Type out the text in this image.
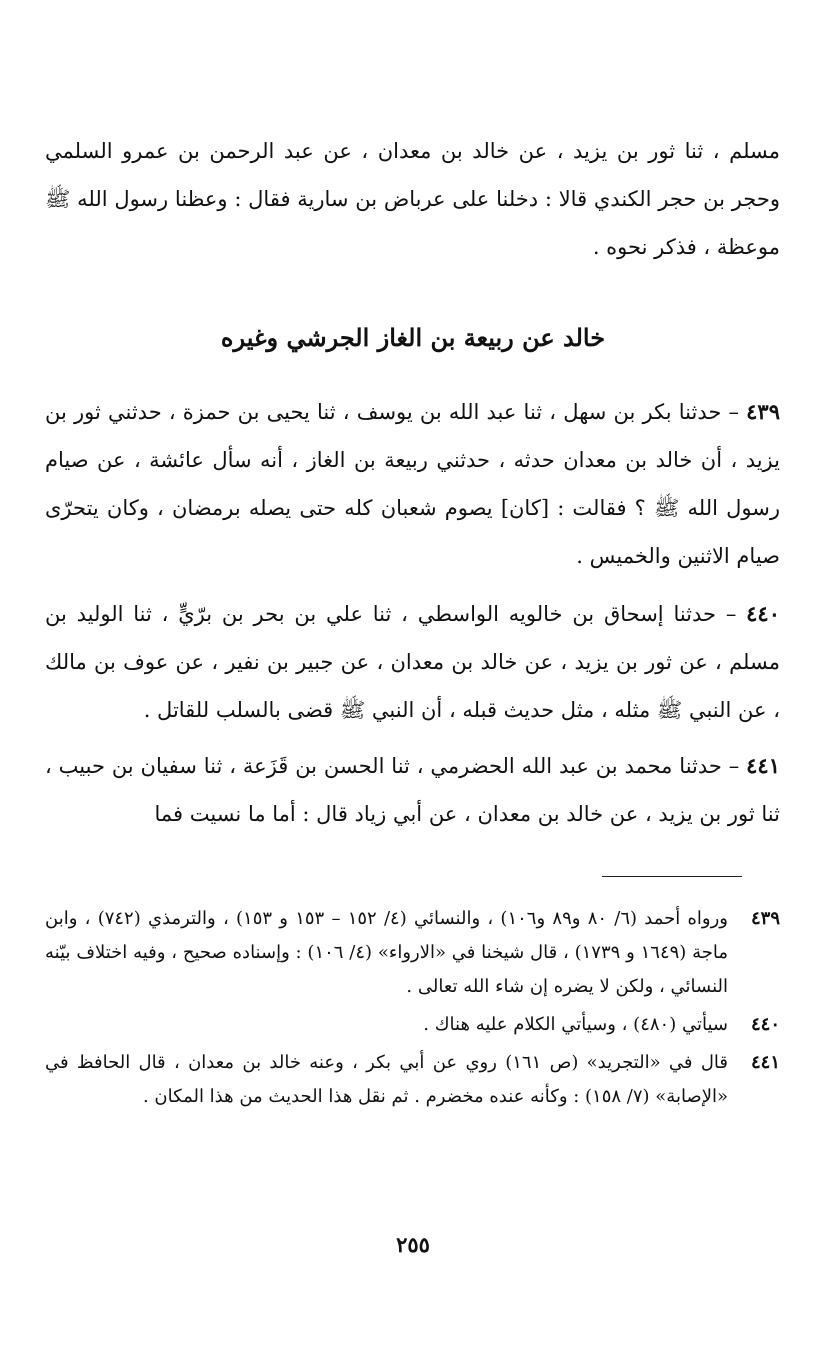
مسلم ، ثنا ثور بن يزيد ، عن خالد بن معدان ، عن عبد الرحمن بن عمرو السلمي وحجر بن حجر الكندي قالا : دخلنا على عرباض بن سارية فقال : وعظنا رسول الله ﷺ موعظة ، فذكر نحوه .

خالد عن ربيعة بن الغاز الجرشي وغيره

٤٣٩ – حدثنا بكر بن سهل ، ثنا عبد الله بن يوسف ، ثنا يحيى بن حمزة ، حدثني ثور بن يزيد ، أن خالد بن معدان حدثه ، حدثني ربيعة بن الغاز ، أنه سأل عائشة ، عن صيام رسول الله ﷺ ؟ فقالت : [كان] يصوم شعبان كله حتى يصله برمضان ، وكان يتحرّى صيام الاثنين والخميس .

٤٤٠ – حدثنا إسحاق بن خالويه الواسطي ، ثنا علي بن بحر بن برّيٍّ ، ثنا الوليد بن مسلم ، عن ثور بن يزيد ، عن خالد بن معدان ، عن جبير بن نفير ، عن عوف بن مالك ، عن النبي ﷺ مثله ، مثل حديث قبله ، أن النبي ﷺ قضى بالسلب للقاتل .

٤٤١ – حدثنا محمد بن عبد الله الحضرمي ، ثنا الحسن بن قَزَعة ، ثنا سفيان بن حبيب ، ثنا ثور بن يزيد ، عن خالد بن معدان ، عن أبي زياد قال : أما ما نسيت فما

٤٣٩
ورواه أحمد (٦/ ٨٠ و٨٩ و١٠٦) ، والنسائي (٤/ ١٥٢ – ١٥٣ و ١٥٣) ، والترمذي (٧٤٢) ، وابن ماجة (١٦٤٩ و ١٧٣٩) ، قال شيخنا في «الارواء» (٤/ ١٠٦) : وإسناده صحيح ، وفيه اختلاف بيّنه النسائي ، ولكن لا يضره إن شاء الله تعالى .
٤٤٠
سيأتي (٤٨٠) ، وسيأتي الكلام عليه هناك .
٤٤١
قال في «التجريد» (ص ١٦١) روي عن أبي بكر ، وعنه خالد بن معدان ، قال الحافظ في «الإصابة» (٧/ ١٥٨) : وكأنه عنده مخضرم . ثم نقل هذا الحديث من هذا المكان .
٢٥٥
